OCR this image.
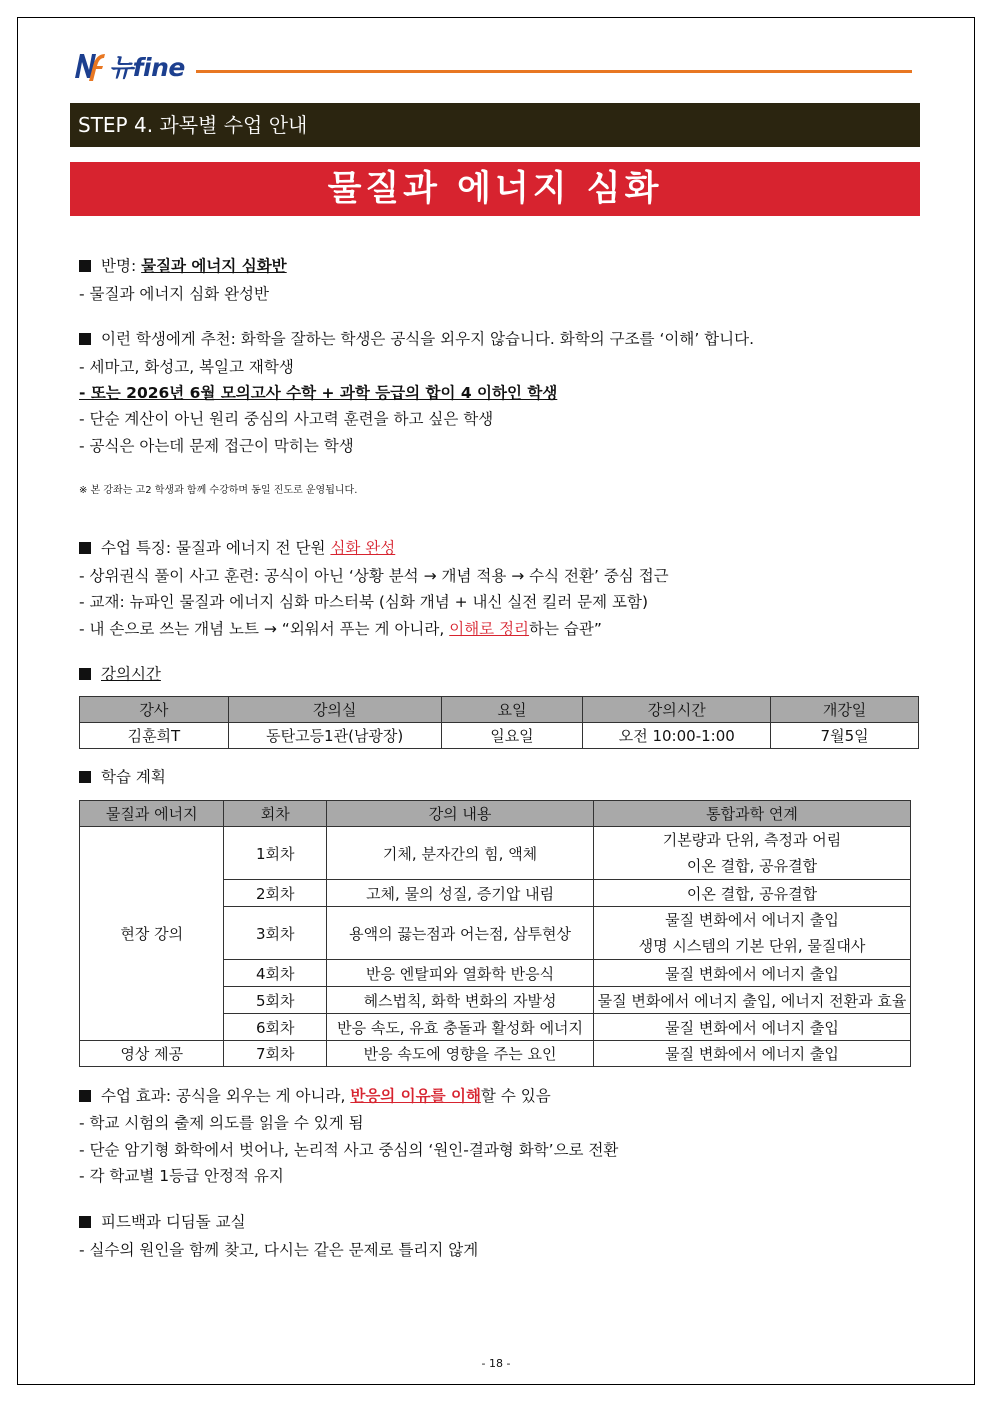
뉴fine
STEP 4. 과목별 수업 안내
물질과 에너지 심화
반명: 물질과 에너지 심화반
- 물질과 에너지 심화 완성반
이런 학생에게 추천: 화학을 잘하는 학생은 공식을 외우지 않습니다. 화학의 구조를 ‘이해’ 합니다.
- 세마고, 화성고, 복일고 재학생
- 또는 2026년 6월 모의고사 수학 + 과학 등급의 합이 4 이하인 학생
- 단순 계산이 아닌 원리 중심의 사고력 훈련을 하고 싶은 학생
- 공식은 아는데 문제 접근이 막히는 학생
※ 본 강좌는 고2 학생과 함께 수강하며 동일 진도로 운영됩니다.
수업 특징: 물질과 에너지 전 단원 심화 완성
- 상위권식 풀이 사고 훈련: 공식이 아닌 ‘상황 분석 → 개념 적용 → 수식 전환’ 중심 접근
- 교재: 뉴파인 물질과 에너지 심화 마스터북 (심화 개념 + 내신 실전 킬러 문제 포함)
- 내 손으로 쓰는 개념 노트 → “외워서 푸는 게 아니라, 이해로 정리하는 습관”
강의시간
강사	강의실	요일	강의시간	개강일
김훈희T	동탄고등1관(남광장)	일요일	오전 10:00-1:00	7월5일
학습 계획
물질과 에너지	회차	강의 내용	통합과학 연계
현장 강의	1회차	기체, 분자간의 힘, 액체	기본량과 단위, 측정과 어림
이온 결합, 공유결합

	2회차	고체, 물의 성질, 증기압 내림	이온 결합, 공유결합
	3회차	용액의 끓는점과 어는점, 삼투현상	물질 변화에서 에너지 출입
생명 시스템의 기본 단위, 물질대사

	4회차	반응 엔탈피와 열화학 반응식	물질 변화에서 에너지 출입
	5회차	헤스법칙, 화학 변화의 자발성	물질 변화에서 에너지 출입, 에너지 전환과 효율
	6회차	반응 속도, 유효 충돌과 활성화 에너지	물질 변화에서 에너지 출입
영상 제공	7회차	반응 속도에 영향을 주는 요인	물질 변화에서 에너지 출입
수업 효과: 공식을 외우는 게 아니라, 반응의 이유를 이해할 수 있음
- 학교 시험의 출제 의도를 읽을 수 있게 됨
- 단순 암기형 화학에서 벗어나, 논리적 사고 중심의 ‘원인-결과형 화학’으로 전환
- 각 학교별 1등급 안정적 유지
피드백과 디딤돌 교실
- 실수의 원인을 함께 찾고, 다시는 같은 문제로 틀리지 않게
- 18 -
